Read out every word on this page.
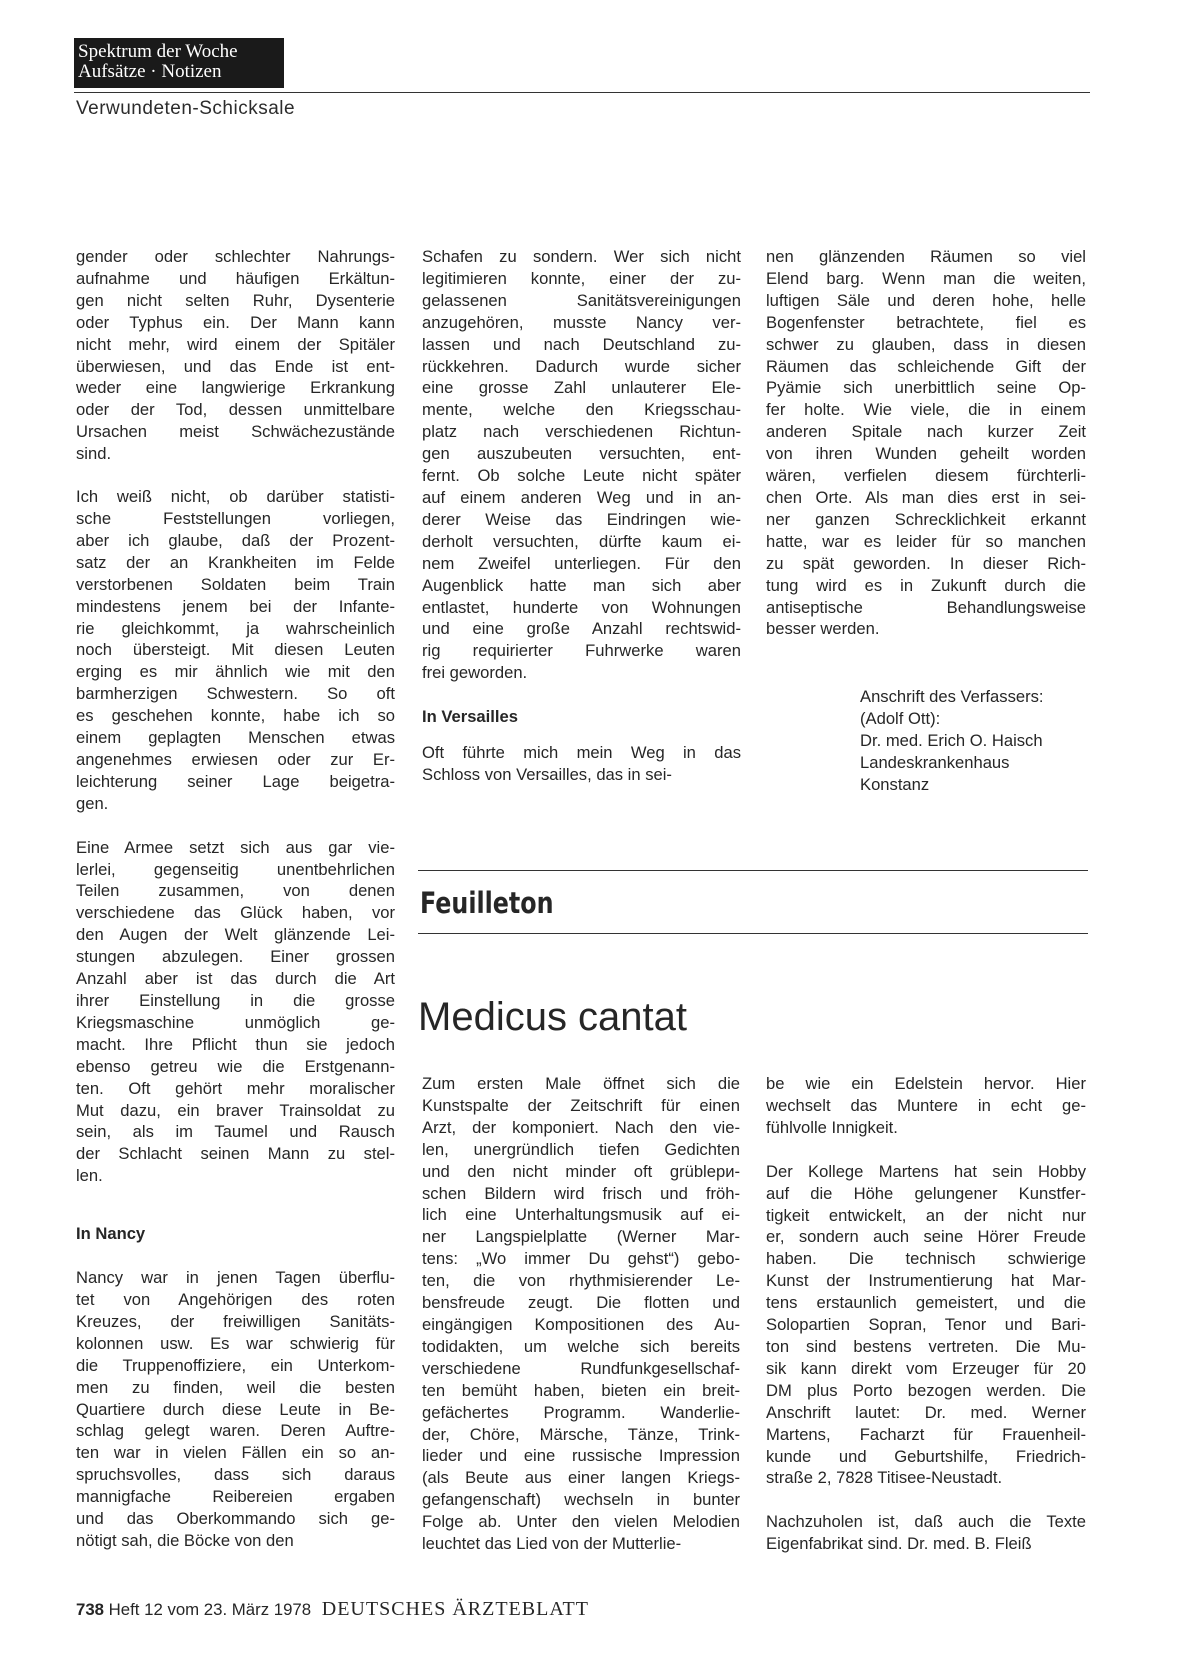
Spektrum der Woche
Aufsätze · Notizen
Verwundeten-Schicksale

gender oder schlechter Nahrungs-
aufnahme und häufigen Erkältun-
gen nicht selten Ruhr, Dysenterie
oder Typhus ein. Der Mann kann
nicht mehr, wird einem der Spitäler
überwiesen, und das Ende ist ent-
weder eine langwierige Erkrankung
oder der Tod, dessen unmittelbare
Ursachen meist Schwächezustände
sind.

Ich weiß nicht, ob darüber statisti-
sche Feststellungen vorliegen,
aber ich glaube, daß der Prozent-
satz der an Krankheiten im Felde
verstorbenen Soldaten beim Train
mindestens jenem bei der Infante-
rie gleichkommt, ja wahrscheinlich
noch übersteigt. Mit diesen Leuten
erging es mir ähnlich wie mit den
barmherzigen Schwestern. So oft
es geschehen konnte, habe ich so
einem geplagten Menschen etwas
angenehmes erwiesen oder zur Er-
leichterung seiner Lage beigetra-
gen.

Eine Armee setzt sich aus gar vie-
lerlei, gegenseitig unentbehrlichen
Teilen zusammen, von denen
verschiedene das Glück haben, vor
den Augen der Welt glänzende Lei-
stungen abzulegen. Einer grossen
Anzahl aber ist das durch die Art
ihrer Einstellung in die grosse
Kriegsmaschine unmöglich ge-
macht. Ihre Pflicht thun sie jedoch
ebenso getreu wie die Erstgenann-
ten. Oft gehört mehr moralischer
Mut dazu, ein braver Trainsoldat zu
sein, als im Taumel und Rausch
der Schlacht seinen Mann zu stel-
len.

In Nancy

Nancy war in jenen Tagen überflu-
tet von Angehörigen des roten
Kreuzes, der freiwilligen Sanitäts-
kolonnen usw. Es war schwierig für
die Truppenoffiziere, ein Unterkom-
men zu finden, weil die besten
Quartiere durch diese Leute in Be-
schlag gelegt waren. Deren Auftre-
ten war in vielen Fällen ein so an-
spruchsvolles, dass sich daraus
mannigfache Reibereien ergaben
und das Oberkommando sich ge-
nötigt sah, die Böcke von den

Schafen zu sondern. Wer sich nicht
legitimieren konnte, einer der zu-
gelassenen Sanitätsvereinigungen
anzugehören, musste Nancy ver-
lassen und nach Deutschland zu-
rückkehren. Dadurch wurde sicher
eine grosse Zahl unlauterer Ele-
mente, welche den Kriegsschau-
platz nach verschiedenen Richtun-
gen auszubeuten versuchten, ent-
fernt. Ob solche Leute nicht später
auf einem anderen Weg und in an-
derer Weise das Eindringen wie-
derholt versuchten, dürfte kaum ei-
nem Zweifel unterliegen. Für den
Augenblick hatte man sich aber
entlastet, hunderte von Wohnungen
und eine große Anzahl rechtswid-
rig requirierter Fuhrwerke waren
frei geworden.

In Versailles

Oft führte mich mein Weg in das
Schloss von Versailles, das in sei-

nen glänzenden Räumen so viel
Elend barg. Wenn man die weiten,
luftigen Säle und deren hohe, helle
Bogenfenster betrachtete, fiel es
schwer zu glauben, dass in diesen
Räumen das schleichende Gift der
Pyämie sich unerbittlich seine Op-
fer holte. Wie viele, die in einem
anderen Spitale nach kurzer Zeit
von ihren Wunden geheilt worden
wären, verfielen diesem fürchterli-
chen Orte. Als man dies erst in sei-
ner ganzen Schrecklichkeit erkannt
hatte, war es leider für so manchen
zu spät geworden. In dieser Rich-
tung wird es in Zukunft durch die
antiseptische Behandlungsweise
besser werden.

Anschrift des Verfassers:
(Adolf Ott):
Dr. med. Erich O. Haisch
Landeskrankenhaus
Konstanz
Feuilleton
Medicus cantat

Zum ersten Male öffnet sich die
Kunstspalte der Zeitschrift für einen
Arzt, der komponiert. Nach den vie-
len, unergründlich tiefen Gedichten
und den nicht minder oft grüblери-
schen Bildern wird frisch und fröh-
lich eine Unterhaltungsmusik auf ei-
ner Langspielplatte (Werner Mar-
tens: „Wo immer Du gehst“) gebo-
ten, die von rhythmisierender Le-
bensfreude zeugt. Die flotten und
eingängigen Kompositionen des Au-
todidakten, um welche sich bereits
verschiedene Rundfunkgesellschaf-
ten bemüht haben, bieten ein breit-
gefächertes Programm. Wanderlie-
der, Chöre, Märsche, Tänze, Trink-
lieder und eine russische Impression
(als Beute aus einer langen Kriegs-
gefangenschaft) wechseln in bunter
Folge ab. Unter den vielen Melodien
leuchtet das Lied von der Mutterlie-

be wie ein Edelstein hervor. Hier
wechselt das Muntere in echt ge-
fühlvolle Innigkeit.

Der Kollege Martens hat sein Hobby
auf die Höhe gelungener Kunstfer-
tigkeit entwickelt, an der nicht nur
er, sondern auch seine Hörer Freude
haben. Die technisch schwierige
Kunst der Instrumentierung hat Mar-
tens erstaunlich gemeistert, und die
Solopartien Sopran, Tenor und Bari-
ton sind bestens vertreten. Die Mu-
sik kann direkt vom Erzeuger für 20
DM plus Porto bezogen werden. Die
Anschrift lautet: Dr. med. Werner
Martens, Facharzt für Frauenheil-
kunde und Geburtshilfe, Friedrich-
straße 2, 7828 Titisee-Neustadt.

Nachzuholen ist, daß auch die Texte
Eigenfabrikat sind. Dr. med. B. Fleiß

738 Heft 12 vom 23. März 1978 DEUTSCHES ÄRZTEBLATT
